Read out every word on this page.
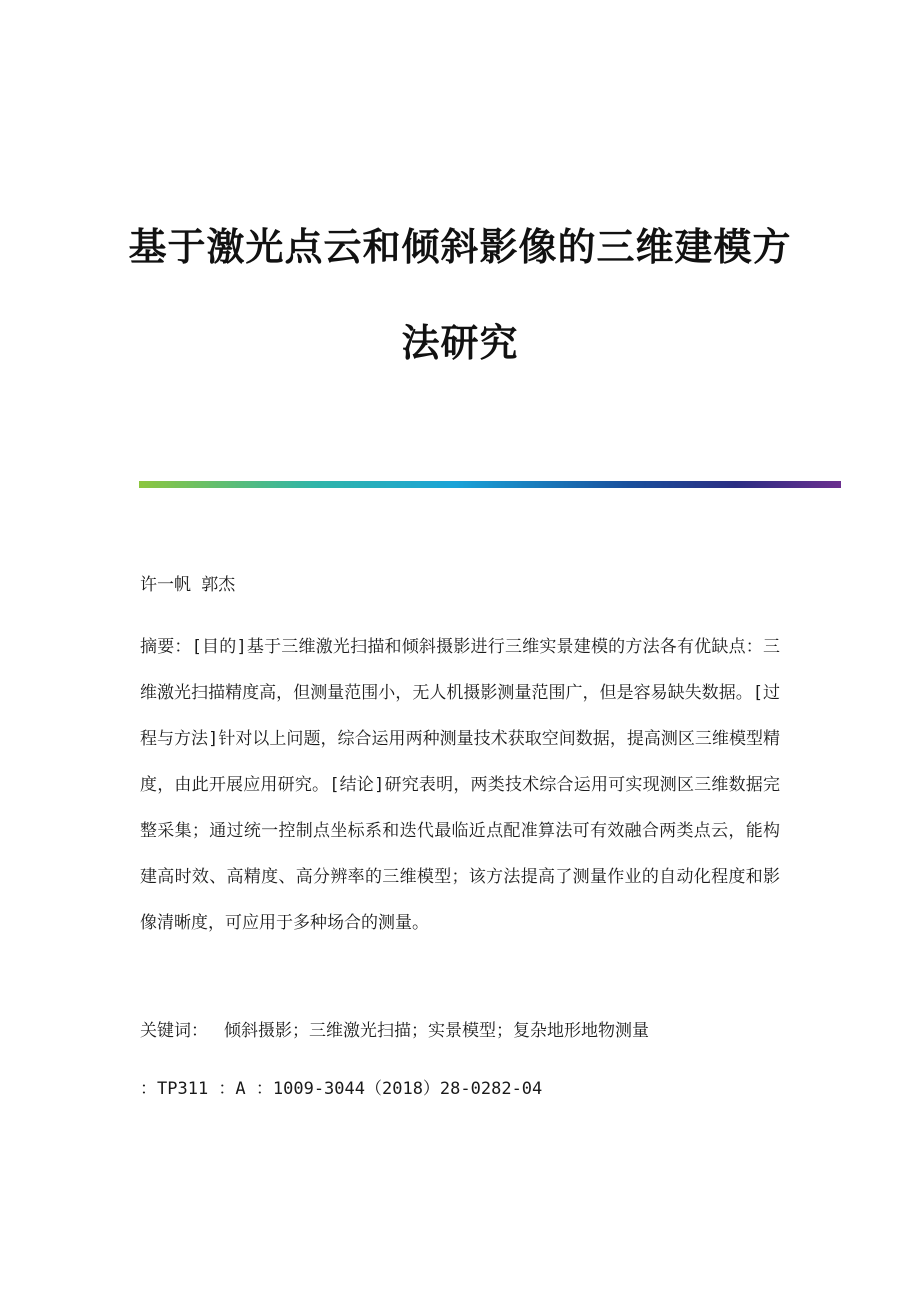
基于激光点云和倾斜影像的三维建模方
法研究
许一帆 郭杰
摘要：[目的]基于三维激光扫描和倾斜摄影进行三维实景建模的方法各有优缺点：三维激光扫描精度高，但测量范围小，无人机摄影测量范围广，但是容易缺失数据。[过程与方法]针对以上问题，综合运用两种测量技术获取空间数据，提高测区三维模型精度，由此开展应用研究。[结论]研究表明，两类技术综合运用可实现测区三维数据完整采集；通过统一控制点坐标系和迭代最临近点配准算法可有效融合两类点云，能构建高时效、高精度、高分辨率的三维模型；该方法提高了测量作业的自动化程度和影像清晰度，可应用于多种场合的测量。
关键词： 倾斜摄影；三维激光扫描；实景模型；复杂地形地物测量
：TP311 ：A ：1009-3044（2018）28-0282-04
